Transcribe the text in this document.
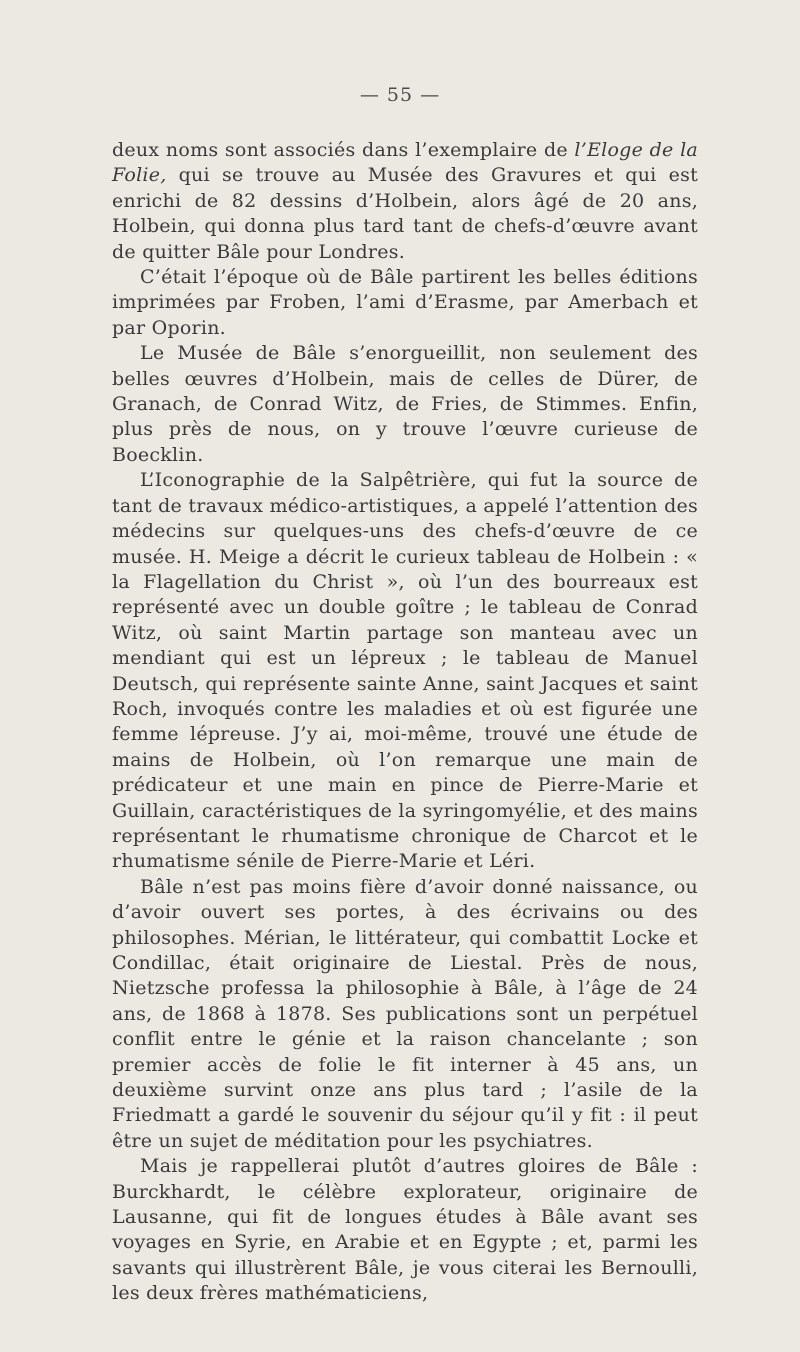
— 55 —

deux noms sont associés dans l’exemplaire de l’Eloge de la Folie, qui se trouve au Musée des Gravures et qui est enrichi de 82 dessins d’Holbein, alors âgé de 20 ans, Holbein, qui donna plus tard tant de chefs-d’œuvre avant de quitter Bâle pour Londres.

C’était l’époque où de Bâle partirent les belles éditions imprimées par Froben, l’ami d’Erasme, par Amerbach et par Oporin.

Le Musée de Bâle s’enorgueillit, non seulement des belles œuvres d’Holbein, mais de celles de Dürer, de Granach, de Conrad Witz, de Fries, de Stimmes. Enfin, plus près de nous, on y trouve l’œuvre curieuse de Boecklin.

L’Iconographie de la Salpêtrière, qui fut la source de tant de travaux médico-artistiques, a appelé l’attention des médecins sur quelques-uns des chefs-d’œuvre de ce musée. H. Meige a décrit le curieux tableau de Holbein : « la Flagellation du Christ », où l’un des bourreaux est représenté avec un double goître ; le tableau de Conrad Witz, où saint Martin partage son manteau avec un mendiant qui est un lépreux ; le tableau de Manuel Deutsch, qui représente sainte Anne, saint Jacques et saint Roch, invoqués contre les maladies et où est figurée une femme lépreuse. J’y ai, moi-même, trouvé une étude de mains de Holbein, où l’on remarque une main de prédicateur et une main en pince de Pierre-Marie et Guillain, caractéristiques de la syringomyélie, et des mains représentant le rhumatisme chronique de Charcot et le rhumatisme sénile de Pierre-Marie et Léri.

Bâle n’est pas moins fière d’avoir donné naissance, ou d’avoir ouvert ses portes, à des écrivains ou des philosophes. Mérian, le littérateur, qui combattit Locke et Condillac, était originaire de Liestal. Près de nous, Nietzsche professa la philosophie à Bâle, à l’âge de 24 ans, de 1868 à 1878. Ses publications sont un perpétuel conflit entre le génie et la raison chancelante ; son premier accès de folie le fit interner à 45 ans, un deuxième survint onze ans plus tard ; l’asile de la Friedmatt a gardé le souvenir du séjour qu’il y fit : il peut être un sujet de méditation pour les psychiatres.

Mais je rappellerai plutôt d’autres gloires de Bâle : Burckhardt, le célèbre explorateur, originaire de Lausanne, qui fit de longues études à Bâle avant ses voyages en Syrie, en Arabie et en Egypte ; et, parmi les savants qui illustrèrent Bâle, je vous citerai les Bernoulli, les deux frères mathématiciens,
